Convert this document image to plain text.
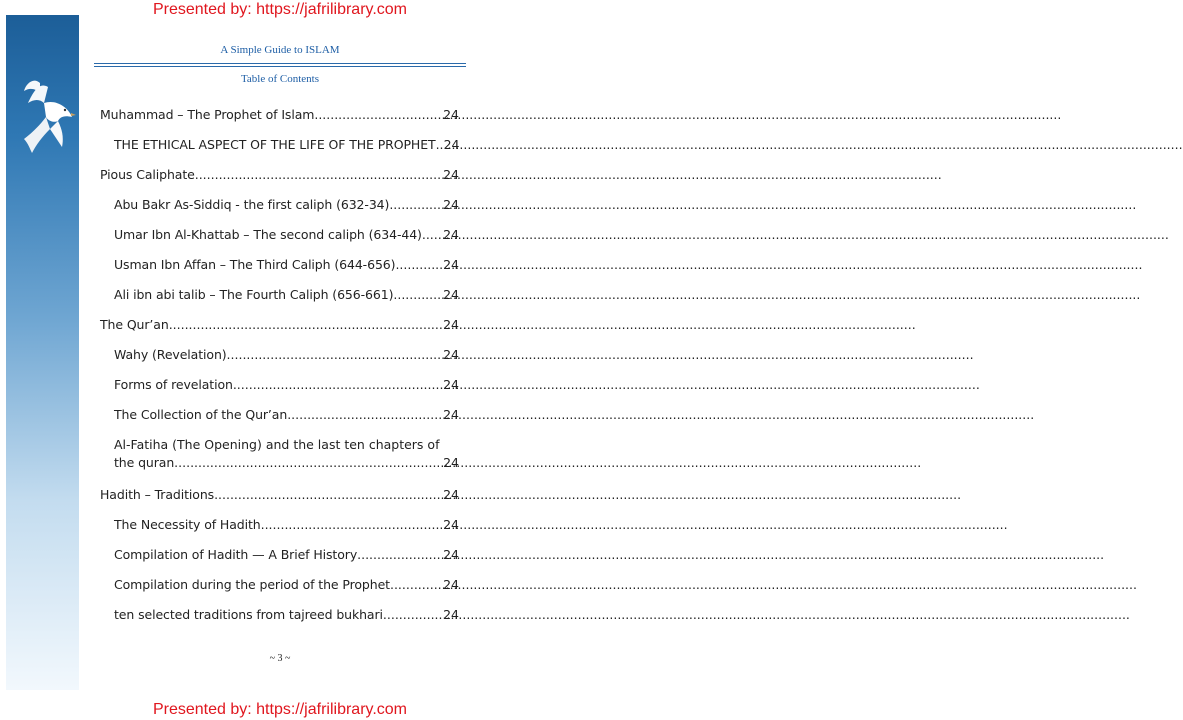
Presented by: https://jafrilibrary.com
A Simple Guide to ISLAM
Table of Contents
Muhammad – The Prophet of Islam .....	24
THE ETHICAL ASPECT OF THE LIFE OF THE PROPHET ..... 24
Pious Caliphate .....	24
Abu Bakr As-Siddiq - the first caliph (632-34) .....	24
Umar Ibn Al-Khattab – The second caliph (634-44) ..... 24
Usman Ibn Affan – The Third Caliph (644-656) .....	24
Ali ibn abi talib – The Fourth Caliph (656-661) .....	24
The Qur’an .....	24
Wahy (Revelation) .....	24
Forms of revelation .....	24
The Collection of the Qur’an .....	24
Al-Fatiha (The Opening) and the last ten chapters of
the quran .....	24
Hadith – Traditions .....	24
The Necessity of Hadith .....	24
Compilation of Hadith — A Brief History .....	24
Compilation during the period of the Prophet .....	24
ten selected traditions from tajreed bukhari .....	24
~ 3 ~
Presented by: https://jafrilibrary.com
